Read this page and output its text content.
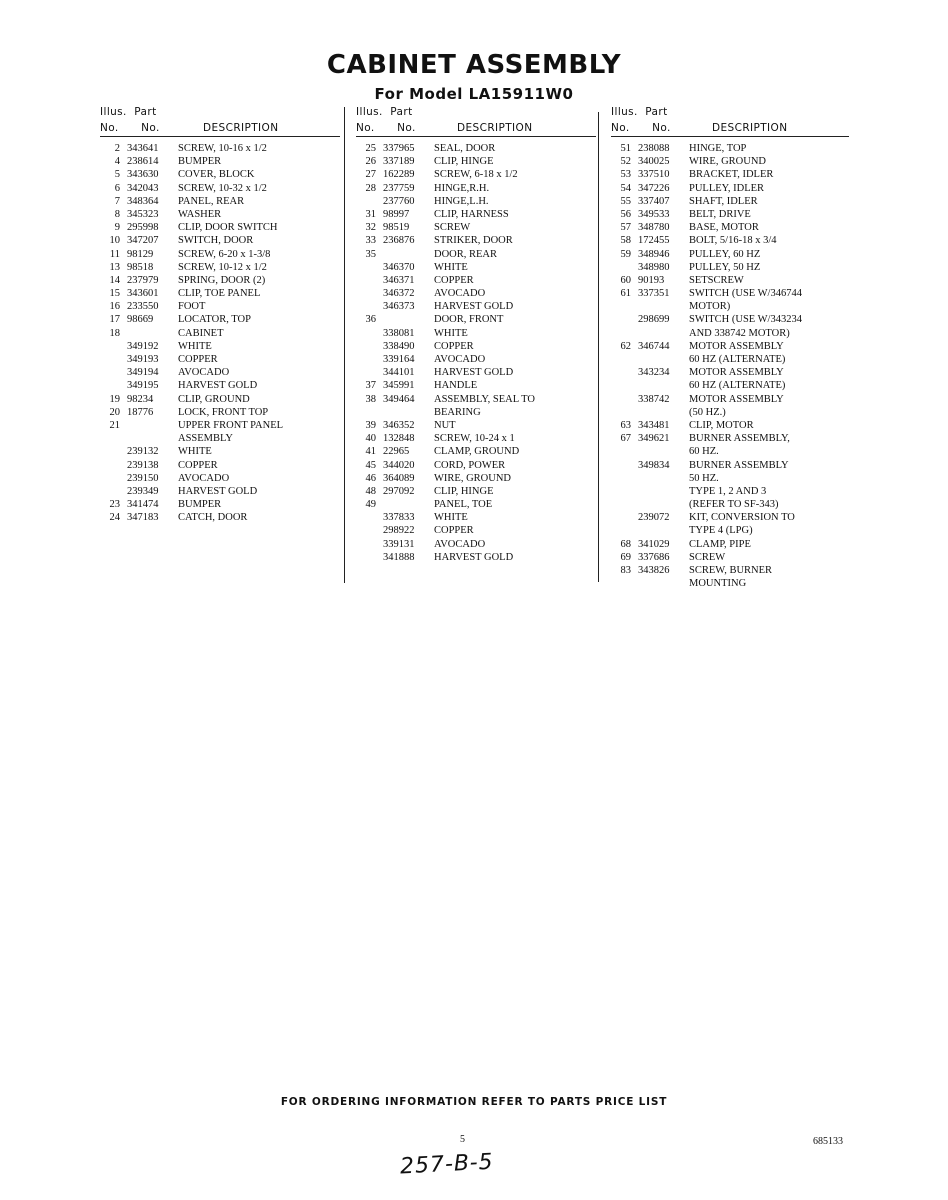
CABINET ASSEMBLY
For Model LA15911W0
Illus. Part
No. No.	DESCRIPTION
2 343641 SCREW, 10-16 x 1/2
4 238614 BUMPER
5 343630 COVER, BLOCK
6 342043 SCREW, 10-32 x 1/2
7 348364 PANEL, REAR
8 345323 WASHER
9 295998 CLIP, DOOR SWITCH
10 347207 SWITCH, DOOR
11 98129 SCREW, 6-20 x 1-3/8
13 98518 SCREW, 10-12 x 1/2
14 237979 SPRING, DOOR (2)
15 343601 CLIP, TOE PANEL
16 233550 FOOT
17 98669 LOCATOR, TOP
18	CABINET
349192 WHITE
349193 COPPER
349194 AVOCADO
349195 HARVEST GOLD
19 98234 CLIP, GROUND
20 18776 LOCK, FRONT TOP
21	UPPER FRONT PANEL
ASSEMBLY
239132 WHITE
239138 COPPER
239150 AVOCADO
239349 HARVEST GOLD
23 341474 BUMPER
24 347183 CATCH, DOOR
Illus. Part
No. No.	DESCRIPTION
25 337965 SEAL, DOOR
26 337189 CLIP, HINGE
27 162289 SCREW, 6-18 x 1/2
28 237759 HINGE,R.H.
237760 HINGE,L.H.
31 98997 CLIP, HARNESS
32 98519 SCREW
33 236876 STRIKER, DOOR
35	DOOR, REAR
346370 WHITE
346371 COPPER
346372 AVOCADO
346373 HARVEST GOLD
36	DOOR, FRONT
338081 WHITE
338490 COPPER
339164 AVOCADO
344101 HARVEST GOLD
37 345991 HANDLE
38 349464 ASSEMBLY, SEAL TO
BEARING
39 346352 NUT
40 132848 SCREW, 10-24 x 1
41 22965 CLAMP, GROUND
45 344020 CORD, POWER
46 364089 WIRE, GROUND
48 297092 CLIP, HINGE
49	PANEL, TOE
337833 WHITE
298922 COPPER
339131 AVOCADO
341888 HARVEST GOLD
Illus. Part
No. No.	DESCRIPTION
51 238088 HINGE, TOP
52 340025 WIRE, GROUND
53 337510 BRACKET, IDLER
54 347226 PULLEY, IDLER
55 337407 SHAFT, IDLER
56 349533 BELT, DRIVE
57 348780 BASE, MOTOR
58 172455 BOLT, 5/16-18 x 3/4
59 348946 PULLEY, 60 HZ
348980 PULLEY, 50 HZ
60 90193 SETSCREW
61 337351 SWITCH (USE W/346744
MOTOR)
298699 SWITCH (USE W/343234
AND 338742 MOTOR)
62 346744 MOTOR ASSEMBLY
60 HZ (ALTERNATE)
343234 MOTOR ASSEMBLY
60 HZ (ALTERNATE)
338742 MOTOR ASSEMBLY
(50 HZ.)
63 343481 CLIP, MOTOR
67 349621 BURNER ASSEMBLY,
60 HZ.
349834 BURNER ASSEMBLY
50 HZ.
TYPE 1, 2 AND 3
(REFER TO SF-343)
239072 KIT, CONVERSION TO
TYPE 4 (LPG)
68 341029 CLAMP, PIPE
69 337686 SCREW
83 343826 SCREW, BURNER
MOUNTING

FOR ORDERING INFORMATION REFER TO PARTS PRICE LIST

5	685133
257-B-5
